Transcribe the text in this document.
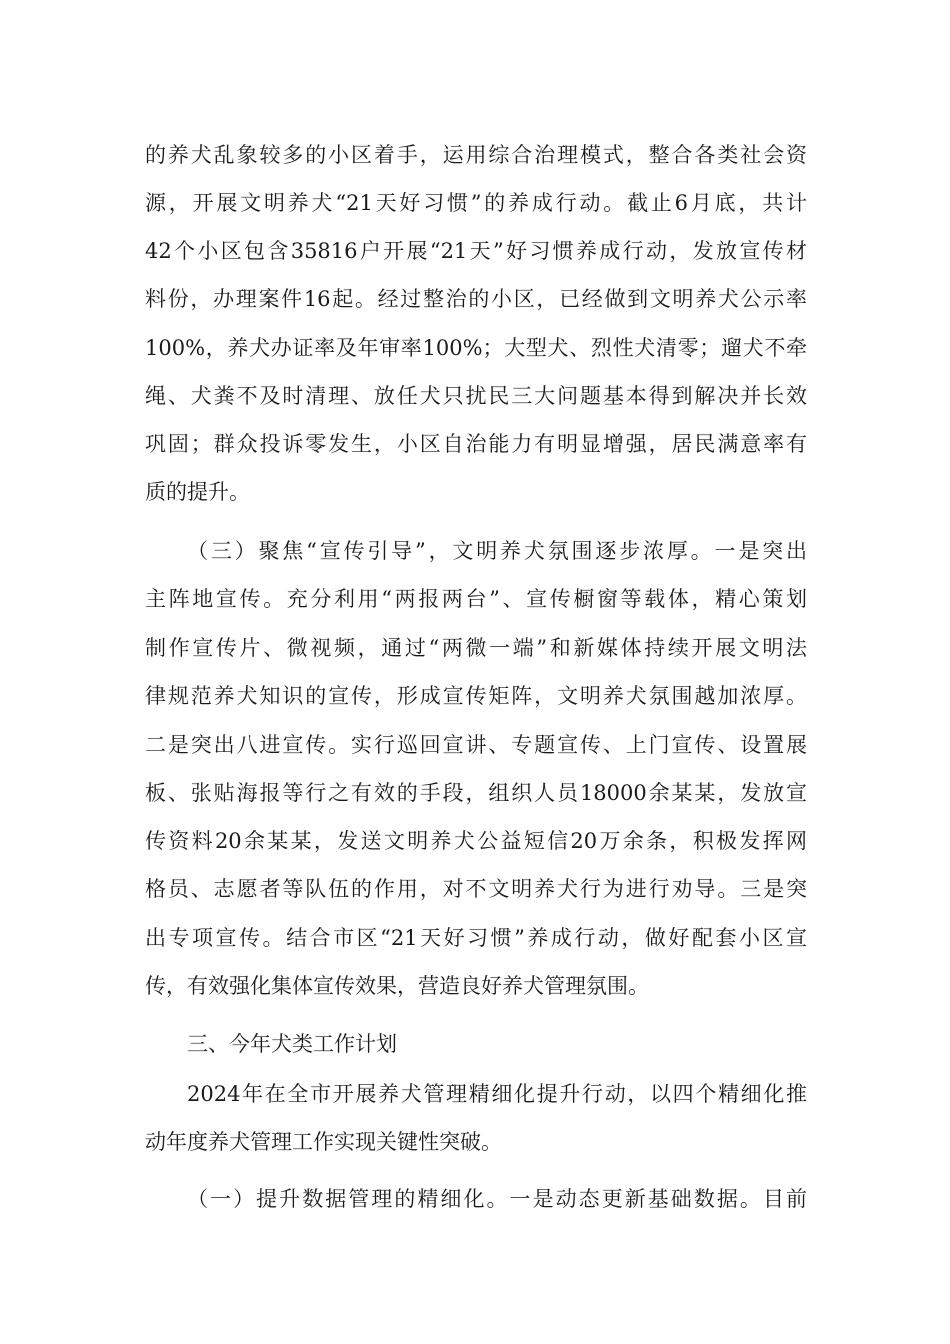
的养犬乱象较多的小区着手，运用综合治理模式，整合各类社会资
源，开展文明养犬“21天好习惯”的养成行动。截止6月底，共计
42个小区包含35816户开展“21天”好习惯养成行动，发放宣传材
料份，办理案件16起。经过整治的小区，已经做到文明养犬公示率
100%，养犬办证率及年审率100%；大型犬、烈性犬清零；遛犬不牵
绳、犬粪不及时清理、放任犬只扰民三大问题基本得到解决并长效
巩固；群众投诉零发生，小区自治能力有明显增强，居民满意率有
质的提升。
（三）聚焦“宣传引导”，文明养犬氛围逐步浓厚。一是突出
主阵地宣传。充分利用“两报两台”、宣传橱窗等载体，精心策划
制作宣传片、微视频，通过“两微一端”和新媒体持续开展文明法
律规范养犬知识的宣传，形成宣传矩阵，文明养犬氛围越加浓厚。
二是突出八进宣传。实行巡回宣讲、专题宣传、上门宣传、设置展
板、张贴海报等行之有效的手段，组织人员18000余某某，发放宣
传资料20余某某，发送文明养犬公益短信20万余条，积极发挥网
格员、志愿者等队伍的作用，对不文明养犬行为进行劝导。三是突
出专项宣传。结合市区“21天好习惯”养成行动，做好配套小区宣
传，有效强化集体宣传效果，营造良好养犬管理氛围。
三、今年犬类工作计划
2024年在全市开展养犬管理精细化提升行动，以四个精细化推
动年度养犬管理工作实现关键性突破。
（一）提升数据管理的精细化。一是动态更新基础数据。目前
